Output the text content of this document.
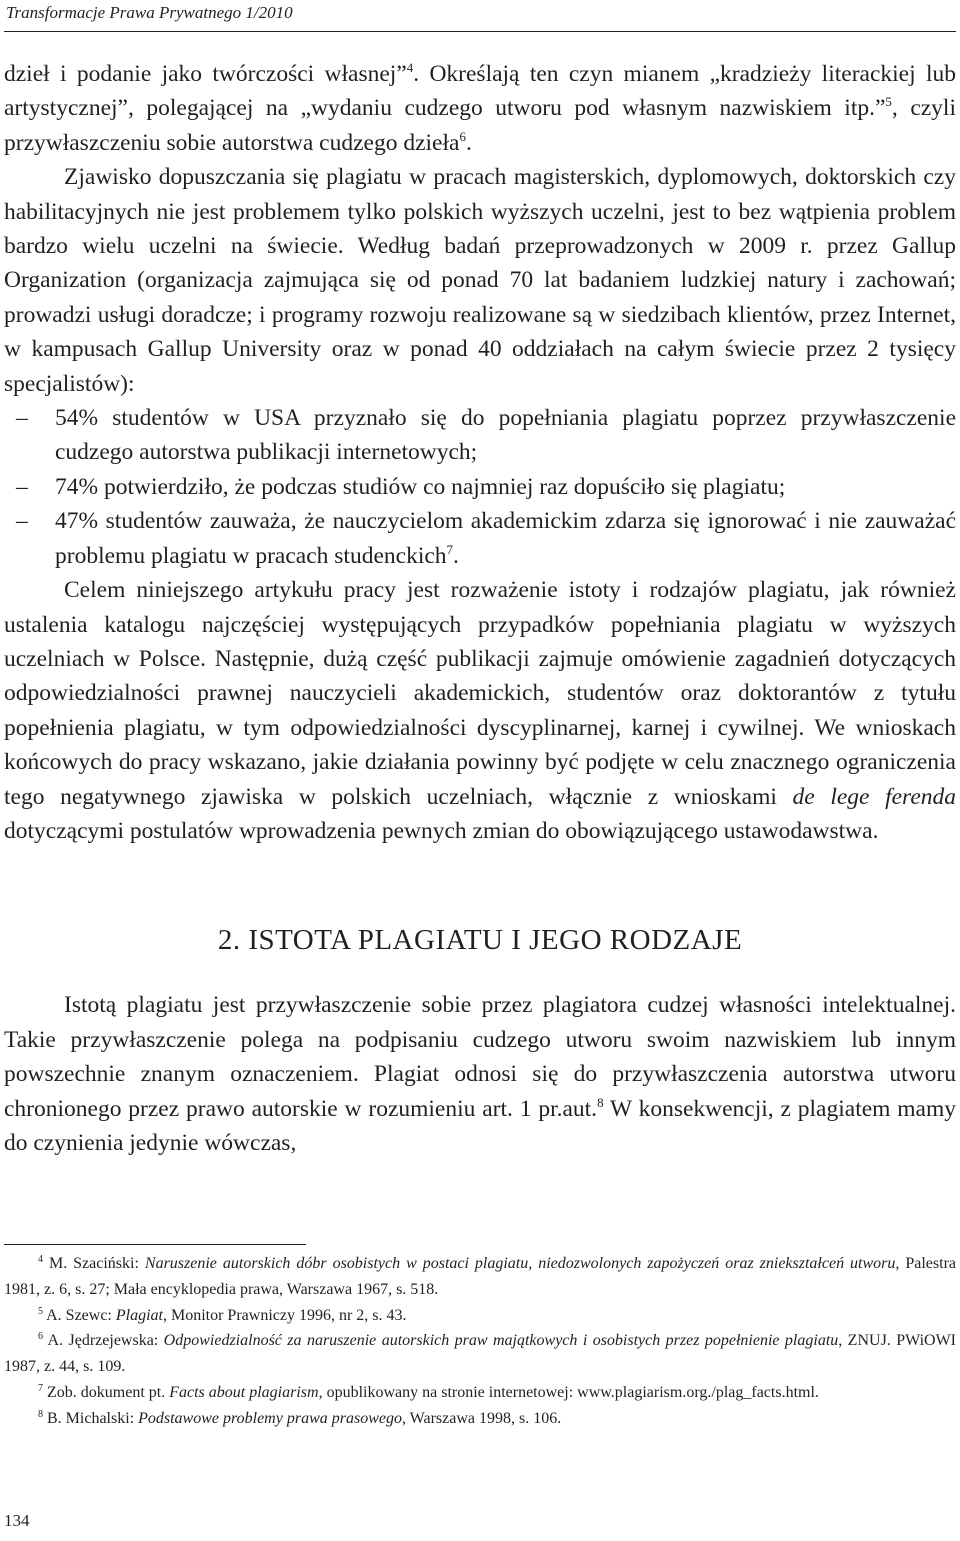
Transformacje Prawa Prywatnego 1/2010

dzieł i podanie jako twórczości własnej”$^4$. Określają ten czyn mianem „kradzieży literackiej lub artystycznej”, polegającej na „wydaniu cudzego utworu pod własnym nazwiskiem itp.”$^5$, czyli przywłaszczeniu sobie autorstwa cudzego dzieła$^6$.

Zjawisko dopuszczania się plagiatu w pracach magisterskich, dyplomowych, doktorskich czy habilitacyjnych nie jest problemem tylko polskich wyższych uczelni, jest to bez wątpienia problem bardzo wielu uczelni na świecie. Według badań przeprowadzonych w 2009 r. przez Gallup Organization (organizacja zajmująca się od ponad 70 lat badaniem ludzkiej natury i zachowań; prowadzi usługi doradcze; i programy rozwoju realizowane są w siedzibach klientów, przez Internet, w kampusach Gallup University oraz w ponad 40 oddziałach na całym świecie przez 2 tysięcy specjalistów):

– 54% studentów w USA przyznało się do popełniania plagiatu poprzez przywłaszczenie cudzego autorstwa publikacji internetowych;
– 74% potwierdziło, że podczas studiów co najmniej raz dopuściło się plagiatu;
– 47% studentów zauważa, że nauczycielom akademickim zdarza się ignorować i nie zauważać problemu plagiatu w pracach studenckich$^7$.

Celem niniejszego artykułu pracy jest rozważenie istoty i rodzajów plagiatu, jak również ustalenia katalogu najczęściej występujących przypadków popełniania plagiatu w wyższych uczelniach w Polsce. Następnie, dużą część publikacji zajmuje omówienie zagadnień dotyczących odpowiedzialności prawnej nauczycieli akademickich, studentów oraz doktorantów z tytułu popełnienia plagiatu, w tym odpowiedzialności dyscyplinarnej, karnej i cywilnej. We wnioskach końcowych do pracy wskazano, jakie działania powinny być podjęte w celu znacznego ograniczenia tego negatywnego zjawiska w polskich uczelniach, włącznie z wnioskami de lege ferenda dotyczącymi postulatów wprowadzenia pewnych zmian do obowiązującego ustawodawstwa.

2. ISTOTA PLAGIATU I JEGO RODZAJE

Istotą plagiatu jest przywłaszczenie sobie przez plagiatora cudzej własności intelektualnej. Takie przywłaszczenie polega na podpisaniu cudzego utworu swoim nazwiskiem lub innym powszechnie znanym oznaczeniem. Plagiat odnosi się do przywłaszczenia autorstwa utworu chronionego przez prawo autorskie w rozumieniu art. 1 pr.aut.$^8$ W konsekwencji, z plagiatem mamy do czynienia jedynie wówczas,

$^4$ M. Szaciński: Naruszenie autorskich dóbr osobistych w postaci plagiatu, niedozwolonych zapożyczeń oraz zniekształceń utworu, Palestra 1981, z. 6, s. 27; Mała encyklopedia prawa, Warszawa 1967, s. 518.

$^5$ A. Szewc: Plagiat, Monitor Prawniczy 1996, nr 2, s. 43.

$^6$ A. Jędrzejewska: Odpowiedzialność za naruszenie autorskich praw majątkowych i osobistych przez popełnienie plagiatu, ZNUJ. PWiOWI 1987, z. 44, s. 109.

$^7$ Zob. dokument pt. Facts about plagiarism, opublikowany na stronie internetowej: www.plagiarism.org./plag_facts.html.

$^8$ B. Michalski: Podstawowe problemy prawa prasowego, Warszawa 1998, s. 106.

134
